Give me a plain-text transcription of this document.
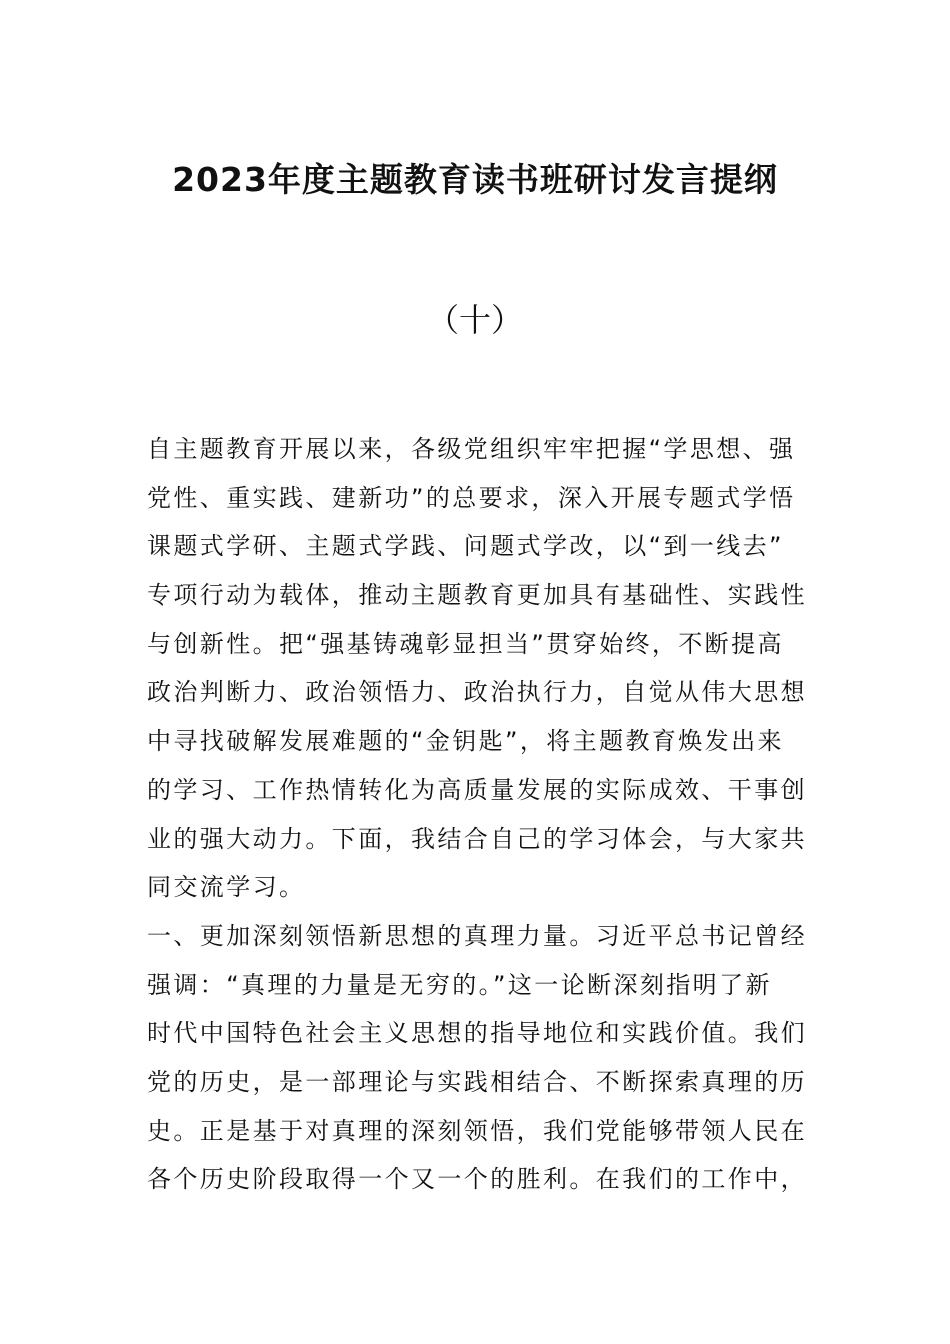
2023年度主题教育读书班研讨发言提纲
（十）
自主题教育开展以来，各级党组织牢牢把握“学思想、强
党性、重实践、建新功”的总要求，深入开展专题式学悟
课题式学研、主题式学践、问题式学改，以“到一线去”
专项行动为载体，推动主题教育更加具有基础性、实践性
与创新性。把“强基铸魂彰显担当”贯穿始终，不断提高
政治判断力、政治领悟力、政治执行力，自觉从伟大思想
中寻找破解发展难题的“金钥匙”，将主题教育焕发出来
的学习、工作热情转化为高质量发展的实际成效、干事创
业的强大动力。下面，我结合自己的学习体会，与大家共
同交流学习。
一、更加深刻领悟新思想的真理力量。习近平总书记曾经
强调：“真理的力量是无穷的。”这一论断深刻指明了新
时代中国特色社会主义思想的指导地位和实践价值。我们
党的历史，是一部理论与实践相结合、不断探索真理的历
史。正是基于对真理的深刻领悟，我们党能够带领人民在
各个历史阶段取得一个又一个的胜利。在我们的工作中，
